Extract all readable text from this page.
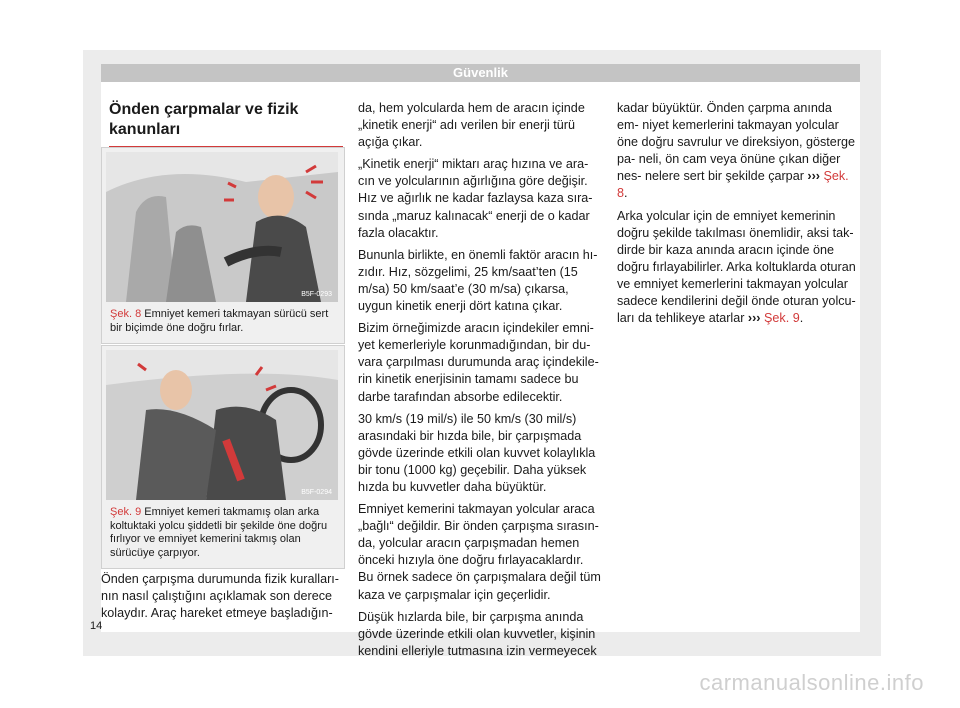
Güvenlik
Önden çarpmalar ve fizik kanunları
B5F-0293
Şek. 8 Emniyet kemeri takmayan sürücü sert bir biçimde öne doğru fırlar.
B5F-0294
Şek. 9 Emniyet kemeri takmamış olan arka koltuktaki yolcu şiddetli bir şekilde öne doğru fırlıyor ve emniyet kemerini takmış olan sürücüye çarpıyor.

Önden çarpışma durumunda fizik kuralları- nın nasıl çalıştığını açıklamak son derece kolaydır. Araç hareket etmeye başladığın-

da, hem yolcularda hem de aracın içinde „kinetik enerji“ adı verilen bir enerji türü açığa çıkar.

„Kinetik enerji“ miktarı araç hızına ve ara- cın ve yolcularının ağırlığına göre değişir. Hız ve ağırlık ne kadar fazlaysa kaza sıra- sında „maruz kalınacak“ enerji de o kadar fazla olacaktır.

Bununla birlikte, en önemli faktör aracın hı- zıdır. Hız, sözgelimi, 25 km/saat’ten (15 m/sa) 50 km/saat’e (30 m/sa) çıkarsa, uygun kinetik enerji dört katına çıkar.

Bizim örneğimizde aracın içindekiler emni- yet kemerleriyle korunmadığından, bir du- vara çarpılması durumunda araç içindekile- rin kinetik enerjisinin tamamı sadece bu darbe tarafından absorbe edilecektir.

30 km/s (19 mil/s) ile 50 km/s (30 mil/s) arasındaki bir hızda bile, bir çarpışmada gövde üzerinde etkili olan kuvvet kolaylıkla bir tonu (1000 kg) geçebilir. Daha yüksek hızda bu kuvvetler daha büyüktür.

Emniyet kemerini takmayan yolcular araca „bağlı“ değildir. Bir önden çarpışma sırasın- da, yolcular aracın çarpışmadan hemen önceki hızıyla öne doğru fırlayacaklardır. Bu örnek sadece ön çarpışmalara değil tüm kaza ve çarpışmalar için geçerlidir.

Düşük hızlarda bile, bir çarpışma anında gövde üzerinde etkili olan kuvvetler, kişinin kendini elleriyle tutmasına izin vermeyecek

kadar büyüktür. Önden çarpma anında em- niyet kemerlerini takmayan yolcular öne doğru savrulur ve direksiyon, gösterge pa- neli, ön cam veya önüne çıkan diğer nes- nelere sert bir şekilde çarpar ››› Şek. 8.

Arka yolcular için de emniyet kemerinin doğru şekilde takılması önemlidir, aksi tak- dirde bir kaza anında aracın içinde öne doğru fırlayabilirler. Arka koltuklarda oturan ve emniyet kemerlerini takmayan yolcular sadece kendilerini değil önde oturan yolcu- ları da tehlikeye atarlar ››› Şek. 9.

14
carmanualsonline.info
